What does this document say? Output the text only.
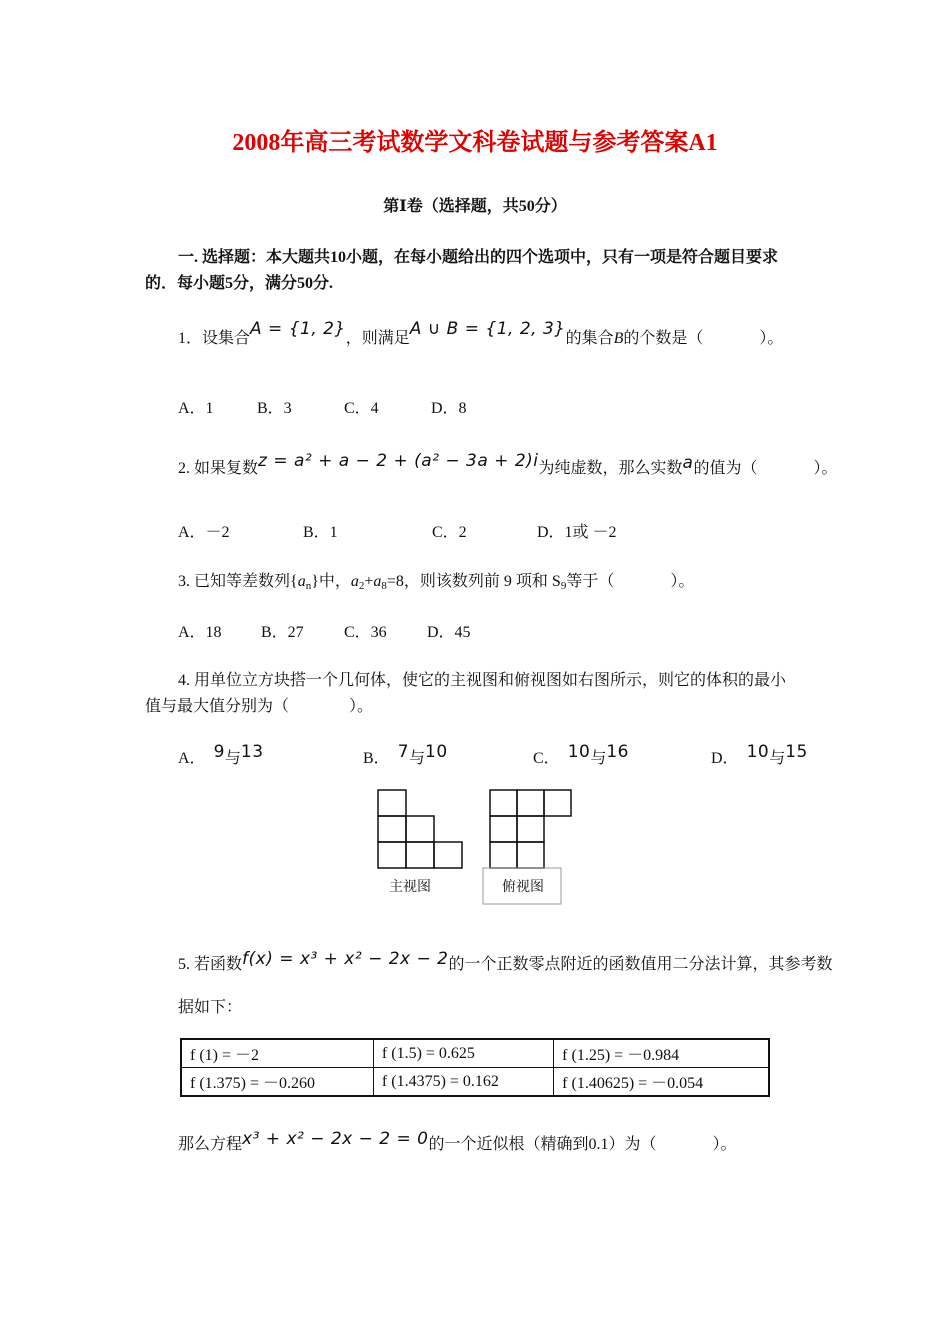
2008年高三考试数学文科卷试题与参考答案A1
第Ⅰ卷（选择题，共50分）
一. 选择题：本大题共10小题，在每小题给出的四个选项中，只有一项是符合题目要求
的．每小题5分，满分50分.
1．设集合A = {1, 2}，则满足A ∪ B = {1, 2, 3}的集合B的个数是（	）。
A．1	B．3	C．4	D．8
2. 如果复数z = a² + a − 2 + (a² − 3a + 2)i为纯虚数，那么实数a的值为（	）。
A．－2	B．1	C．2	D．1或 －2
3. 已知等差数列$\{a_n\}$中，$a_2+a_8=8$，则该数列前 9 项和 $S_9$等于（	）。
A．18 B．27	C．36	D．45
4. 用单位立方块搭一个几何体，使它的主视图和俯视图如右图所示，则它的体积的最小
值与最大值分别为（	）。
A． 9与13	B． 7与10	C． 10与16	D． 10与15
主视图	俯视图
5. 若函数f(x) = x³ + x² − 2x − 2的一个正数零点附近的函数值用二分法计算，其参考数
据如下：
f (1) = －2	f (1.5) = 0.625	f (1.25) = －0.984
f (1.375) = －0.260	f (1.4375) = 0.162	f (1.40625) = －0.054
那么方程x³ + x² − 2x − 2 = 0的一个近似根（精确到0.1）为（	）。
